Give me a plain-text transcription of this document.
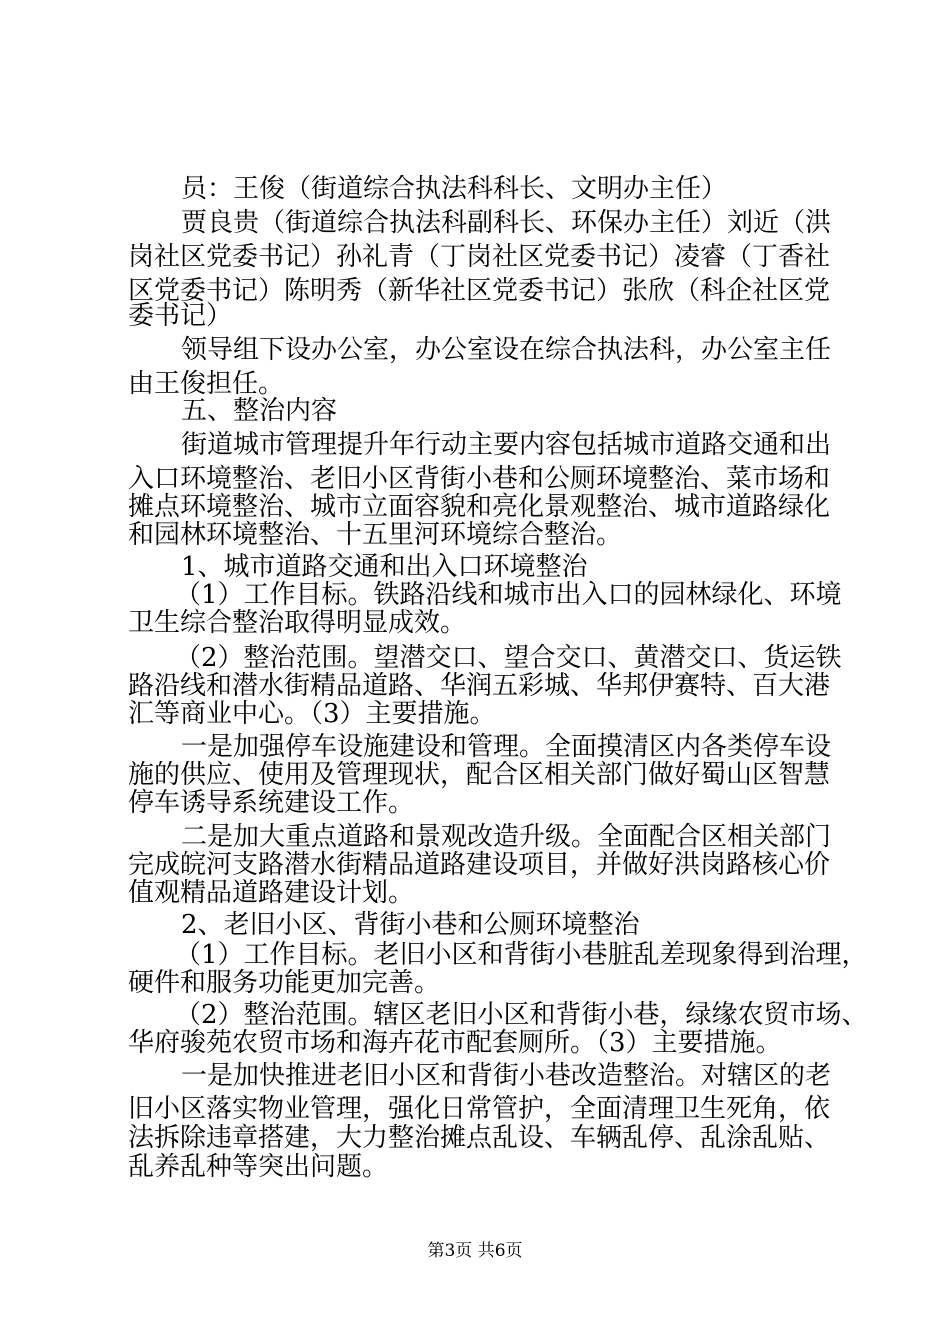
员：王俊（街道综合执法科科长、文明办主任）
贾良贵（街道综合执法科副科长、环保办主任）刘近（洪
岗社区党委书记）孙礼青（丁岗社区党委书记）凌睿（丁香社
区党委书记）陈明秀（新华社区党委书记）张欣（科企社区党
委书记）
领导组下设办公室，办公室设在综合执法科，办公室主任
由王俊担任。
五、整治内容
街道城市管理提升年行动主要内容包括城市道路交通和出
入口环境整治、老旧小区背街小巷和公厕环境整治、菜市场和
摊点环境整治、城市立面容貌和亮化景观整治、城市道路绿化
和园林环境整治、十五里河环境综合整治。
1、城市道路交通和出入口环境整治
（1）工作目标。铁路沿线和城市出入口的园林绿化、环境
卫生综合整治取得明显成效。
（2）整治范围。望潜交口、望合交口、黄潜交口、货运铁
路沿线和潜水街精品道路、华润五彩城、华邦伊赛特、百大港
汇等商业中心。（3）主要措施。
一是加强停车设施建设和管理。全面摸清区内各类停车设
施的供应、使用及管理现状，配合区相关部门做好蜀山区智慧
停车诱导系统建设工作。
二是加大重点道路和景观改造升级。全面配合区相关部门
完成皖河支路潜水街精品道路建设项目，并做好洪岗路核心价
值观精品道路建设计划。
2、老旧小区、背街小巷和公厕环境整治
（1）工作目标。老旧小区和背街小巷脏乱差现象得到治理，
硬件和服务功能更加完善。
（2）整治范围。辖区老旧小区和背街小巷，绿缘农贸市场、
华府骏苑农贸市场和海卉花市配套厕所。（3）主要措施。
一是加快推进老旧小区和背街小巷改造整治。对辖区的老
旧小区落实物业管理，强化日常管护，全面清理卫生死角，依
法拆除违章搭建，大力整治摊点乱设、车辆乱停、乱涂乱贴、
乱养乱种等突出问题。
第3页 共6页
